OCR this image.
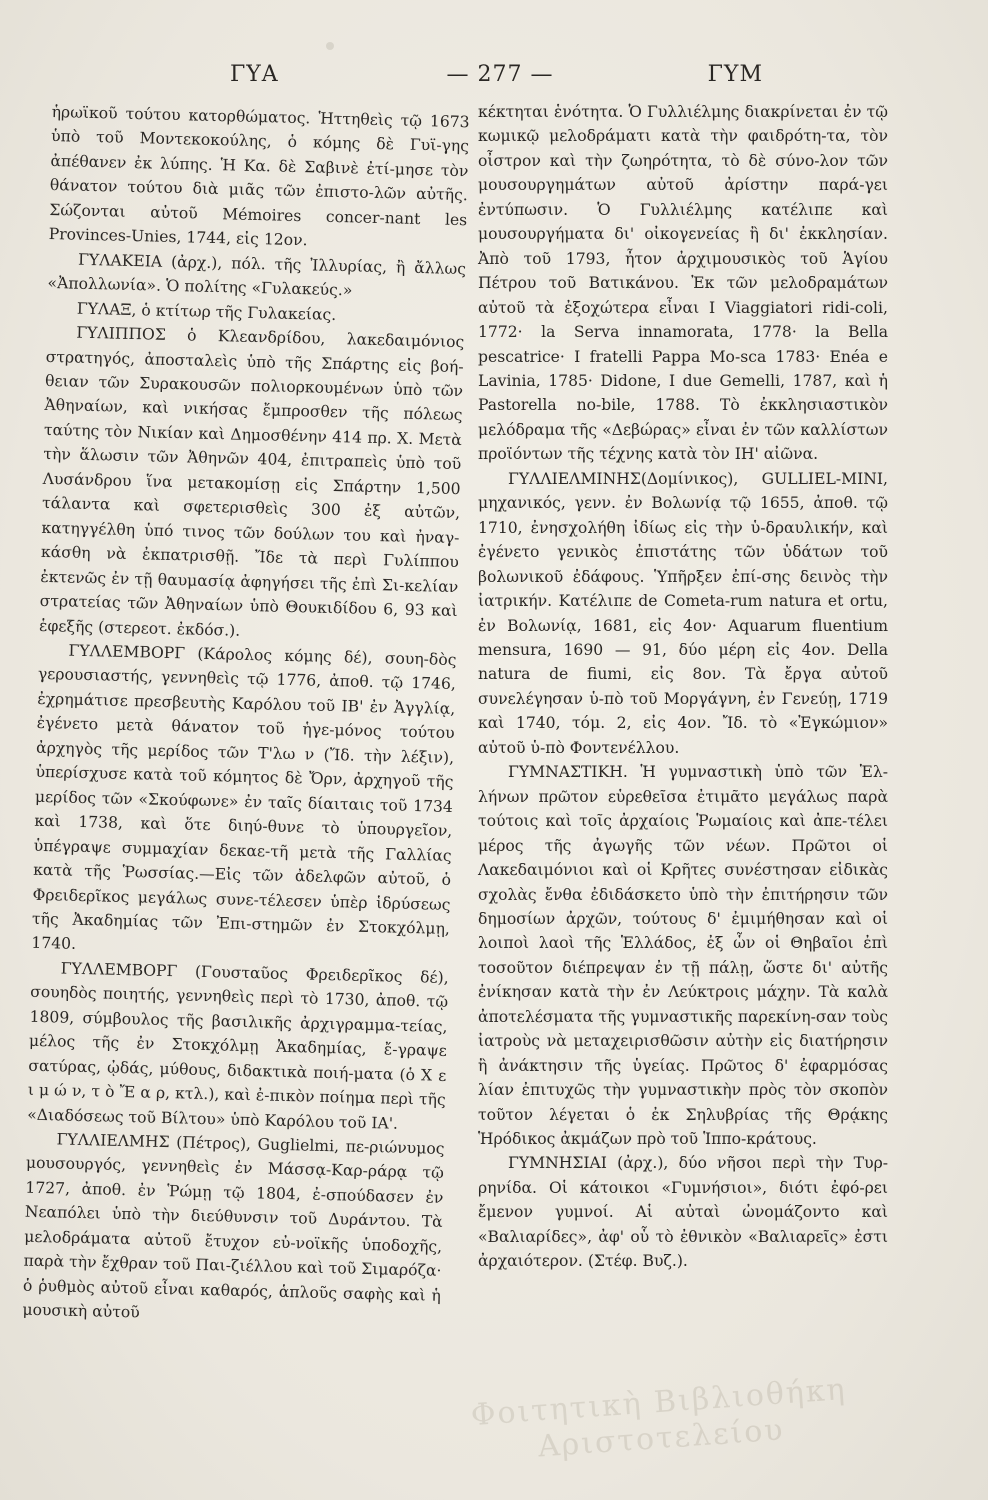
ΓΥΑ	— 277 —	ΓΥΜ

ἡρωϊκοῦ τούτου κατορθώματος. Ἡττηθεὶς τῷ 1673 ὑπὸ τοῦ Μοντεκοκούλης, ὁ κόμης δὲ Γυϊ-γης ἀπέθανεν ἐκ λύπης. Ἡ Κα. δὲ Σαβινὲ ἐτί-μησε τὸν θάνατον τούτου διὰ μιᾶς τῶν ἐπιστο-λῶν αὐτῆς. Σώζονται αὐτοῦ Mémoires concer-nant les Provinces-Unies, 1744, εἰς 12ον.

ΓΥΛΑΚΕΙΑ (ἀρχ.), πόλ. τῆς Ἰλλυρίας, ἢ ἄλλως «Ἀπολλωνία». Ὁ πολίτης «Γυλακεύς.»

ΓΥΛΑΞ, ὁ κτίτωρ τῆς Γυλακείας.

ΓΥΛΙΠΠΟΣ ὁ Κλεανδρίδου, λακεδαιμόνιος στρατηγός, ἀποσταλεὶς ὑπὸ τῆς Σπάρτης εἰς βοή-θειαν τῶν Συρακουσῶν πολιορκουμένων ὑπὸ τῶν Ἀθηναίων, καὶ νικήσας ἔμπροσθεν τῆς πόλεως ταύτης τὸν Νικίαν καὶ Δημοσθένην 414 πρ. Χ. Μετὰ τὴν ἅλωσιν τῶν Ἀθηνῶν 404, ἐπιτραπεὶς ὑπὸ τοῦ Λυσάνδρου ἵνα μετακομίσῃ εἰς Σπάρτην 1,500 τάλαντα καὶ σφετερισθεὶς 300 ἐξ αὐτῶν, κατηγγέλθη ὑπό τινος τῶν δούλων του καὶ ἠναγ-κάσθη νὰ ἐκπατρισθῇ. Ἴδε τὰ περὶ Γυλίππου ἐκτενῶς ἐν τῇ θαυμασίᾳ ἀφηγήσει τῆς ἐπὶ Σι-κελίαν στρατείας τῶν Ἀθηναίων ὑπὸ Θουκιδίδου 6, 93 καὶ ἑφεξῆς (στερεοτ. ἐκδόσ.).

ΓΥΛΛΕΜΒΟΡΓ (Κάρολος κόμης δέ), σουη-δὸς γερουσιαστής, γεννηθεὶς τῷ 1776, ἀποθ. τῷ 1746, ἐχρημάτισε πρεσβευτὴς Καρόλου τοῦ ΙΒ' ἐν Ἀγγλίᾳ, ἐγένετο μετὰ θάνατον τοῦ ἡγε-μόνος τούτου ἀρχηγὸς τῆς μερίδος τῶν Τ'λω ν (Ἴδ. τὴν λέξιν), ὑπερίσχυσε κατὰ τοῦ κόμητος δὲ Ὄρν, ἀρχηγοῦ τῆς μερίδος τῶν «Σκούφωνε» ἐν ταῖς δίαιταις τοῦ 1734 καὶ 1738, καὶ ὅτε διηύ-θυνε τὸ ὑπουργεῖον, ὑπέγραψε συμμαχίαν δεκαε-τῆ μετὰ τῆς Γαλλίας κατὰ τῆς Ῥωσσίας.—Εἰς τῶν ἀδελφῶν αὐτοῦ, ὁ Φρειδερῖκος μεγάλως συνε-τέλεσεν ὑπὲρ ἱδρύσεως τῆς Ἀκαδημίας τῶν Ἐπι-στημῶν ἐν Στοκχόλμῃ, 1740.

ΓΥΛΛΕΜΒΟΡΓ (Γουσταῦος Φρειδερῖκος δέ), σουηδὸς ποιητής, γεννηθεὶς περὶ τὸ 1730, ἀποθ. τῷ 1809, σύμβουλος τῆς βασιλικῆς ἀρχιγραμμα-τείας, μέλος τῆς ἐν Στοκχόλμῃ Ἀκαδημίας, ἔ-γραψε σατύρας, ᾠδάς, μύθους, διδακτικὰ ποιή-ματα (ὁ Χ ε ι μ ώ ν, τ ὸ Ἔ α ρ, κτλ.), καὶ ἐ-πικὸν ποίημα περὶ τῆς «Διαδόσεως τοῦ Βίλτου» ὑπὸ Καρόλου τοῦ ΙΑ'.

ΓΥΛΛΙΕΛΜΗΣ (Πέτρος), Guglielmi, πε-ριώνυμος μουσουργός, γεννηθεὶς ἐν Μάσσᾳ-Καρ-ράρᾳ τῷ 1727, ἀποθ. ἐν Ῥώμῃ τῷ 1804, ἐ-σπούδασεν ἐν Νεαπόλει ὑπὸ τὴν διεύθυνσιν τοῦ Δυράντου. Τὰ μελοδράματα αὐτοῦ ἔτυχον εὐ-νοϊκῆς ὑποδοχῆς, παρὰ τὴν ἔχθραν τοῦ Παι-ζιέλλου καὶ τοῦ Σιμαρόζα· ὁ ῥυθμὸς αὐτοῦ εἶναι καθαρός, ἁπλοῦς σαφὴς καὶ ἡ μουσικὴ αὐτοῦ

κέκτηται ἑνότητα. Ὁ Γυλλιέλμης διακρίνεται ἐν τῷ κωμικῷ μελοδράματι κατὰ τὴν φαιδρότη-τα, τὸν οἶστρον καὶ τὴν ζωηρότητα, τὸ δὲ σύνο-λον τῶν μουσουργημάτων αὐτοῦ ἀρίστην παρά-γει ἐντύπωσιν. Ὁ Γυλλιέλμης κατέλιπε καὶ μουσουργήματα δι' οἰκογενείας ἢ δι' ἐκκλησίαν. Ἀπὸ τοῦ 1793, ἦτον ἀρχιμουσικὸς τοῦ Ἁγίου Πέτρου τοῦ Βατικάνου. Ἐκ τῶν μελοδραμάτων αὐτοῦ τὰ ἐξοχώτερα εἶναι I Viaggiatori ridi-coli, 1772· la Serva innamorata, 1778· la Bella pescatrice· I fratelli Pappa Mo-sca 1783· Enéa e Lavinia, 1785· Didone, I due Gemelli, 1787, καὶ ἡ Pastorella no-bile, 1788. Τὸ ἐκκλησιαστικὸν μελόδραμα τῆς «Δεβώρας» εἶναι ἐν τῶν καλλίστων προϊόντων τῆς τέχνης κατὰ τὸν ΙΗ' αἰῶνα.

ΓΥΛΛΙΕΛΜΙΝΗΣ(Δομίνικος), GULLIEL-MINI, μηχανικός, γενν. ἐν Βολωνίᾳ τῷ 1655, ἀποθ. τῷ 1710, ἐνησχολήθη ἰδίως εἰς τὴν ὑ-δραυλικήν, καὶ ἐγένετο γενικὸς ἐπιστάτης τῶν ὑδάτων τοῦ βολωνικοῦ ἐδάφους. Ὑπῆρξεν ἐπί-σης δεινὸς τὴν ἰατρικήν. Κατέλιπε de Cometa-rum natura et ortu, ἐν Βολωνίᾳ, 1681, εἰς 4ον· Aquarum fluentium mensura, 1690 — 91, δύο μέρη εἰς 4ον. Della natura de fiumi, εἰς 8ον. Τὰ ἔργα αὐτοῦ συνελέγησαν ὑ-πὸ τοῦ Μοργάγνη, ἐν Γενεύῃ, 1719 καὶ 1740, τόμ. 2, εἰς 4ον. Ἴδ. τὸ «Ἐγκώμιον» αὐτοῦ ὑ-πὸ Φοντενέλλου.

ΓΥΜΝΑΣΤΙΚΗ. Ἡ γυμναστικὴ ὑπὸ τῶν Ἑλ-λήνων πρῶτον εὑρεθεῖσα ἐτιμᾶτο μεγάλως παρὰ τούτοις καὶ τοῖς ἀρχαίοις Ῥωμαίοις καὶ ἀπε-τέλει μέρος τῆς ἀγωγῆς τῶν νέων. Πρῶτοι οἱ Λακεδαιμόνιοι καὶ οἱ Κρῆτες συνέστησαν εἰδικὰς σχολὰς ἔνθα ἐδιδάσκετο ὑπὸ τὴν ἐπιτήρησιν τῶν δημοσίων ἀρχῶν, τούτους δ' ἐμιμήθησαν καὶ οἱ λοιποὶ λαοὶ τῆς Ἑλλάδος, ἐξ ὧν οἱ Θηβαῖοι ἐπὶ τοσοῦτον διέπρεψαν ἐν τῇ πάλῃ, ὥστε δι' αὐτῆς ἐνίκησαν κατὰ τὴν ἐν Λεύκτροις μάχην. Τὰ καλὰ ἀποτελέσματα τῆς γυμναστικῆς παρεκίνη-σαν τοὺς ἰατροὺς νὰ μεταχειρισθῶσιν αὐτὴν εἰς διατήρησιν ἢ ἀνάκτησιν τῆς ὑγείας. Πρῶτος δ' ἐφαρμόσας λίαν ἐπιτυχῶς τὴν γυμναστικὴν πρὸς τὸν σκοπὸν τοῦτον λέγεται ὁ ἐκ Σηλυβρίας τῆς Θρᾴκης Ἡρόδικος ἀκμάζων πρὸ τοῦ Ἱππο-κράτους.

ΓΥΜΝΗΣΙΑΙ (ἀρχ.), δύο νῆσοι περὶ τὴν Τυρ-ρηνίδα. Οἱ κάτοικοι «Γυμνήσιοι», διότι ἐφό-ρει ἔμενον γυμνοί. Αἱ αὐταὶ ὠνομάζοντο καὶ «Βαλιαρίδες», ἀφ' οὗ τὸ ἐθνικὸν «Βαλιαρεῖς» ἐστι ἀρχαιότερον. (Στέφ. Βυζ.).

Φοιτητικὴ Βιβλιοθήκη Αριστοτελείου
